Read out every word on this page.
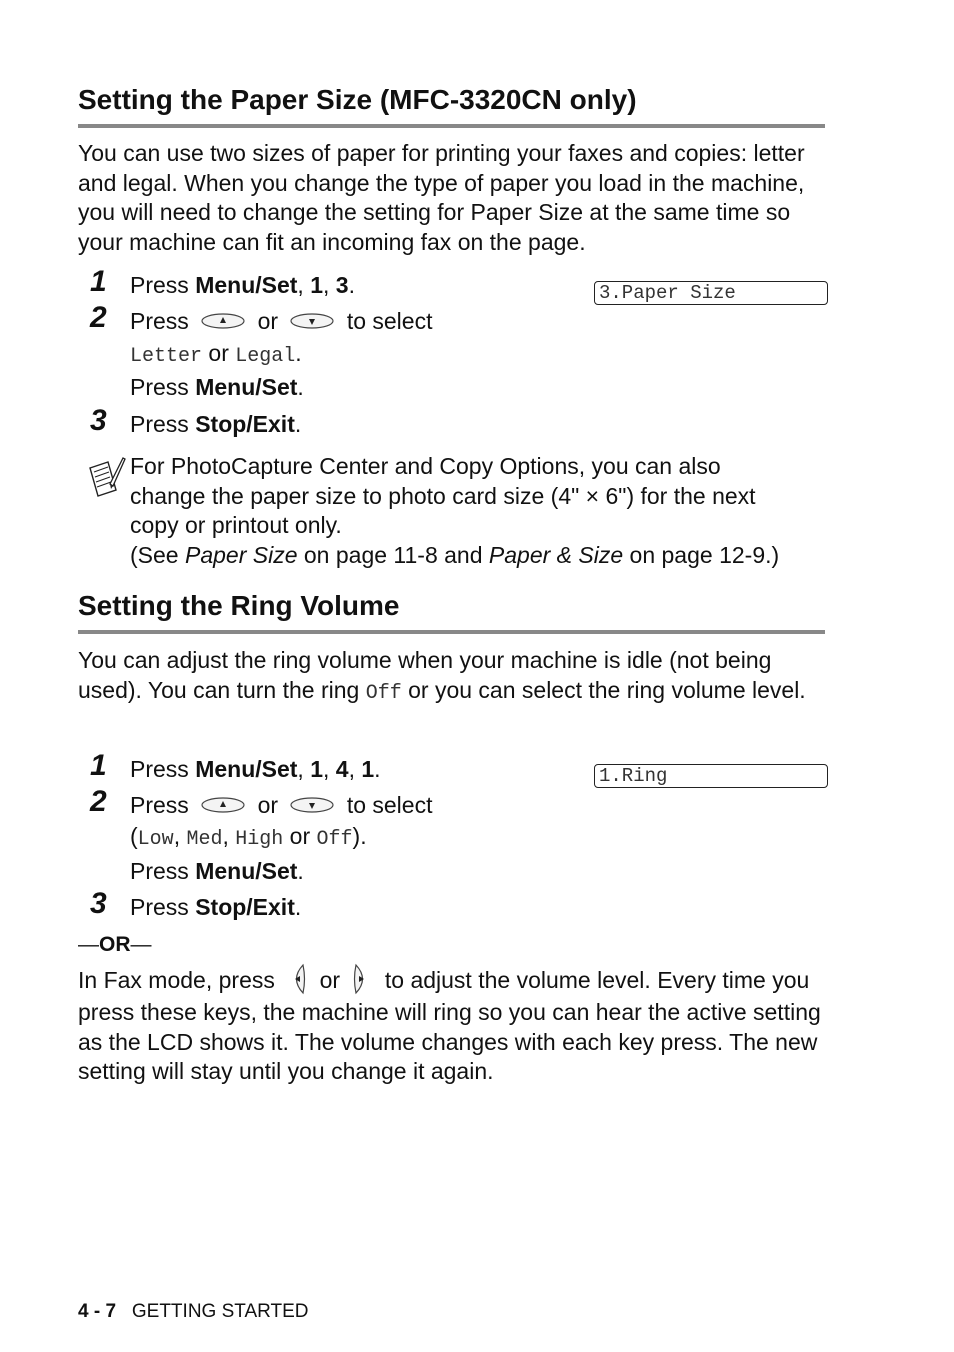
Setting the Paper Size (MFC-3320CN only)
You can use two sizes of paper for printing your faxes and copies: letter and legal. When you change the type of paper you load in the machine, you will need to change the setting for Paper Size at the same time so your machine can fit an incoming fax on the page.
3.Paper Size
1 Press Menu/Set, 1, 3.
2 Press	or	to select
Letter or Legal.
Press Menu/Set.
3 Press Stop/Exit.
For PhotoCapture Center and Copy Options, you can also
change the paper size to photo card size (4" × 6") for the next
copy or printout only.
(See Paper Size on page 11-8 and Paper & Size on page 12-9.)
Setting the Ring Volume
You can adjust the ring volume when your machine is idle (not being used). You can turn the ring Off or you can select the ring volume level.
1.Ring
1 Press Menu/Set, 1, 4, 1.
2 Press	or	to select
(Low, Med, High or Off).
Press Menu/Set.
3 Press Stop/Exit.
—OR—
In Fax mode, press  or  to adjust the volume level. Every time you press these keys, the machine will ring so you can hear the active setting as the LCD shows it. The volume changes with each key press. The new setting will stay until you change it again.
4 - 7 GETTING STARTED
